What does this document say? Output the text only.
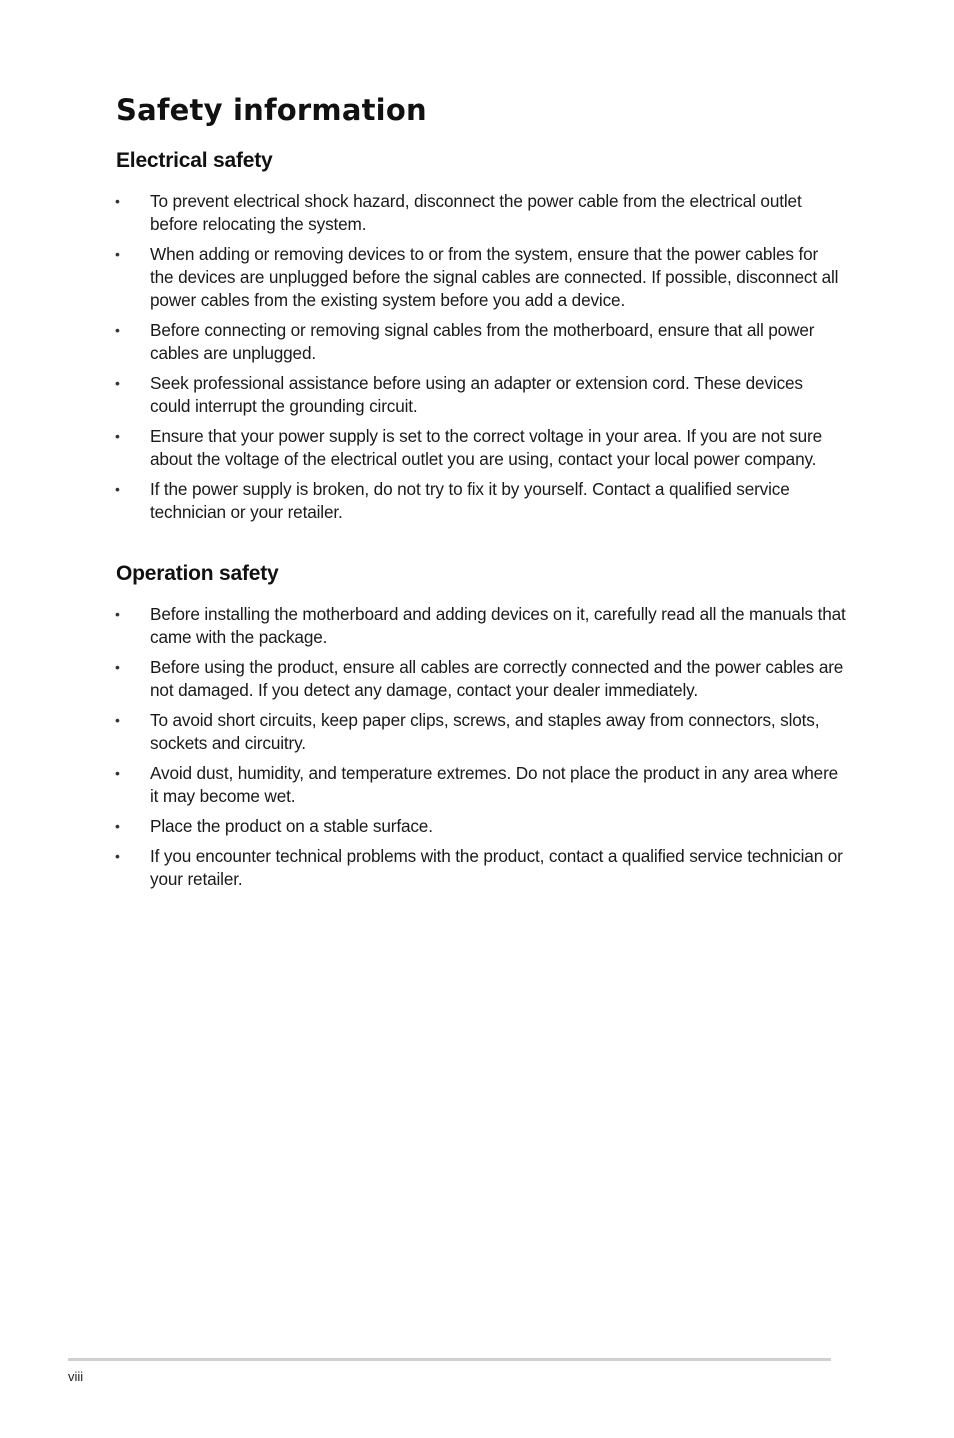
Safety information
Electrical safety
• To prevent electrical shock hazard, disconnect the power cable from the electrical outlet before relocating the system.
• When adding or removing devices to or from the system, ensure that the power cables for the devices are unplugged before the signal cables are connected. If possible, disconnect all power cables from the existing system before you add a device.
• Before connecting or removing signal cables from the motherboard, ensure that all power cables are unplugged.
• Seek professional assistance before using an adapter or extension cord. These devices could interrupt the grounding circuit.
• Ensure that your power supply is set to the correct voltage in your area. If you are not sure about the voltage of the electrical outlet you are using, contact your local power company.
• If the power supply is broken, do not try to fix it by yourself. Contact a qualified service technician or your retailer.
Operation safety
• Before installing the motherboard and adding devices on it, carefully read all the manuals that came with the package.
• Before using the product, ensure all cables are correctly connected and the power cables are not damaged. If you detect any damage, contact your dealer immediately.
• To avoid short circuits, keep paper clips, screws, and staples away from connectors, slots, sockets and circuitry.
• Avoid dust, humidity, and temperature extremes. Do not place the product in any area where it may become wet.
• Place the product on a stable surface.
• If you encounter technical problems with the product, contact a qualified service technician or your retailer.
viii
